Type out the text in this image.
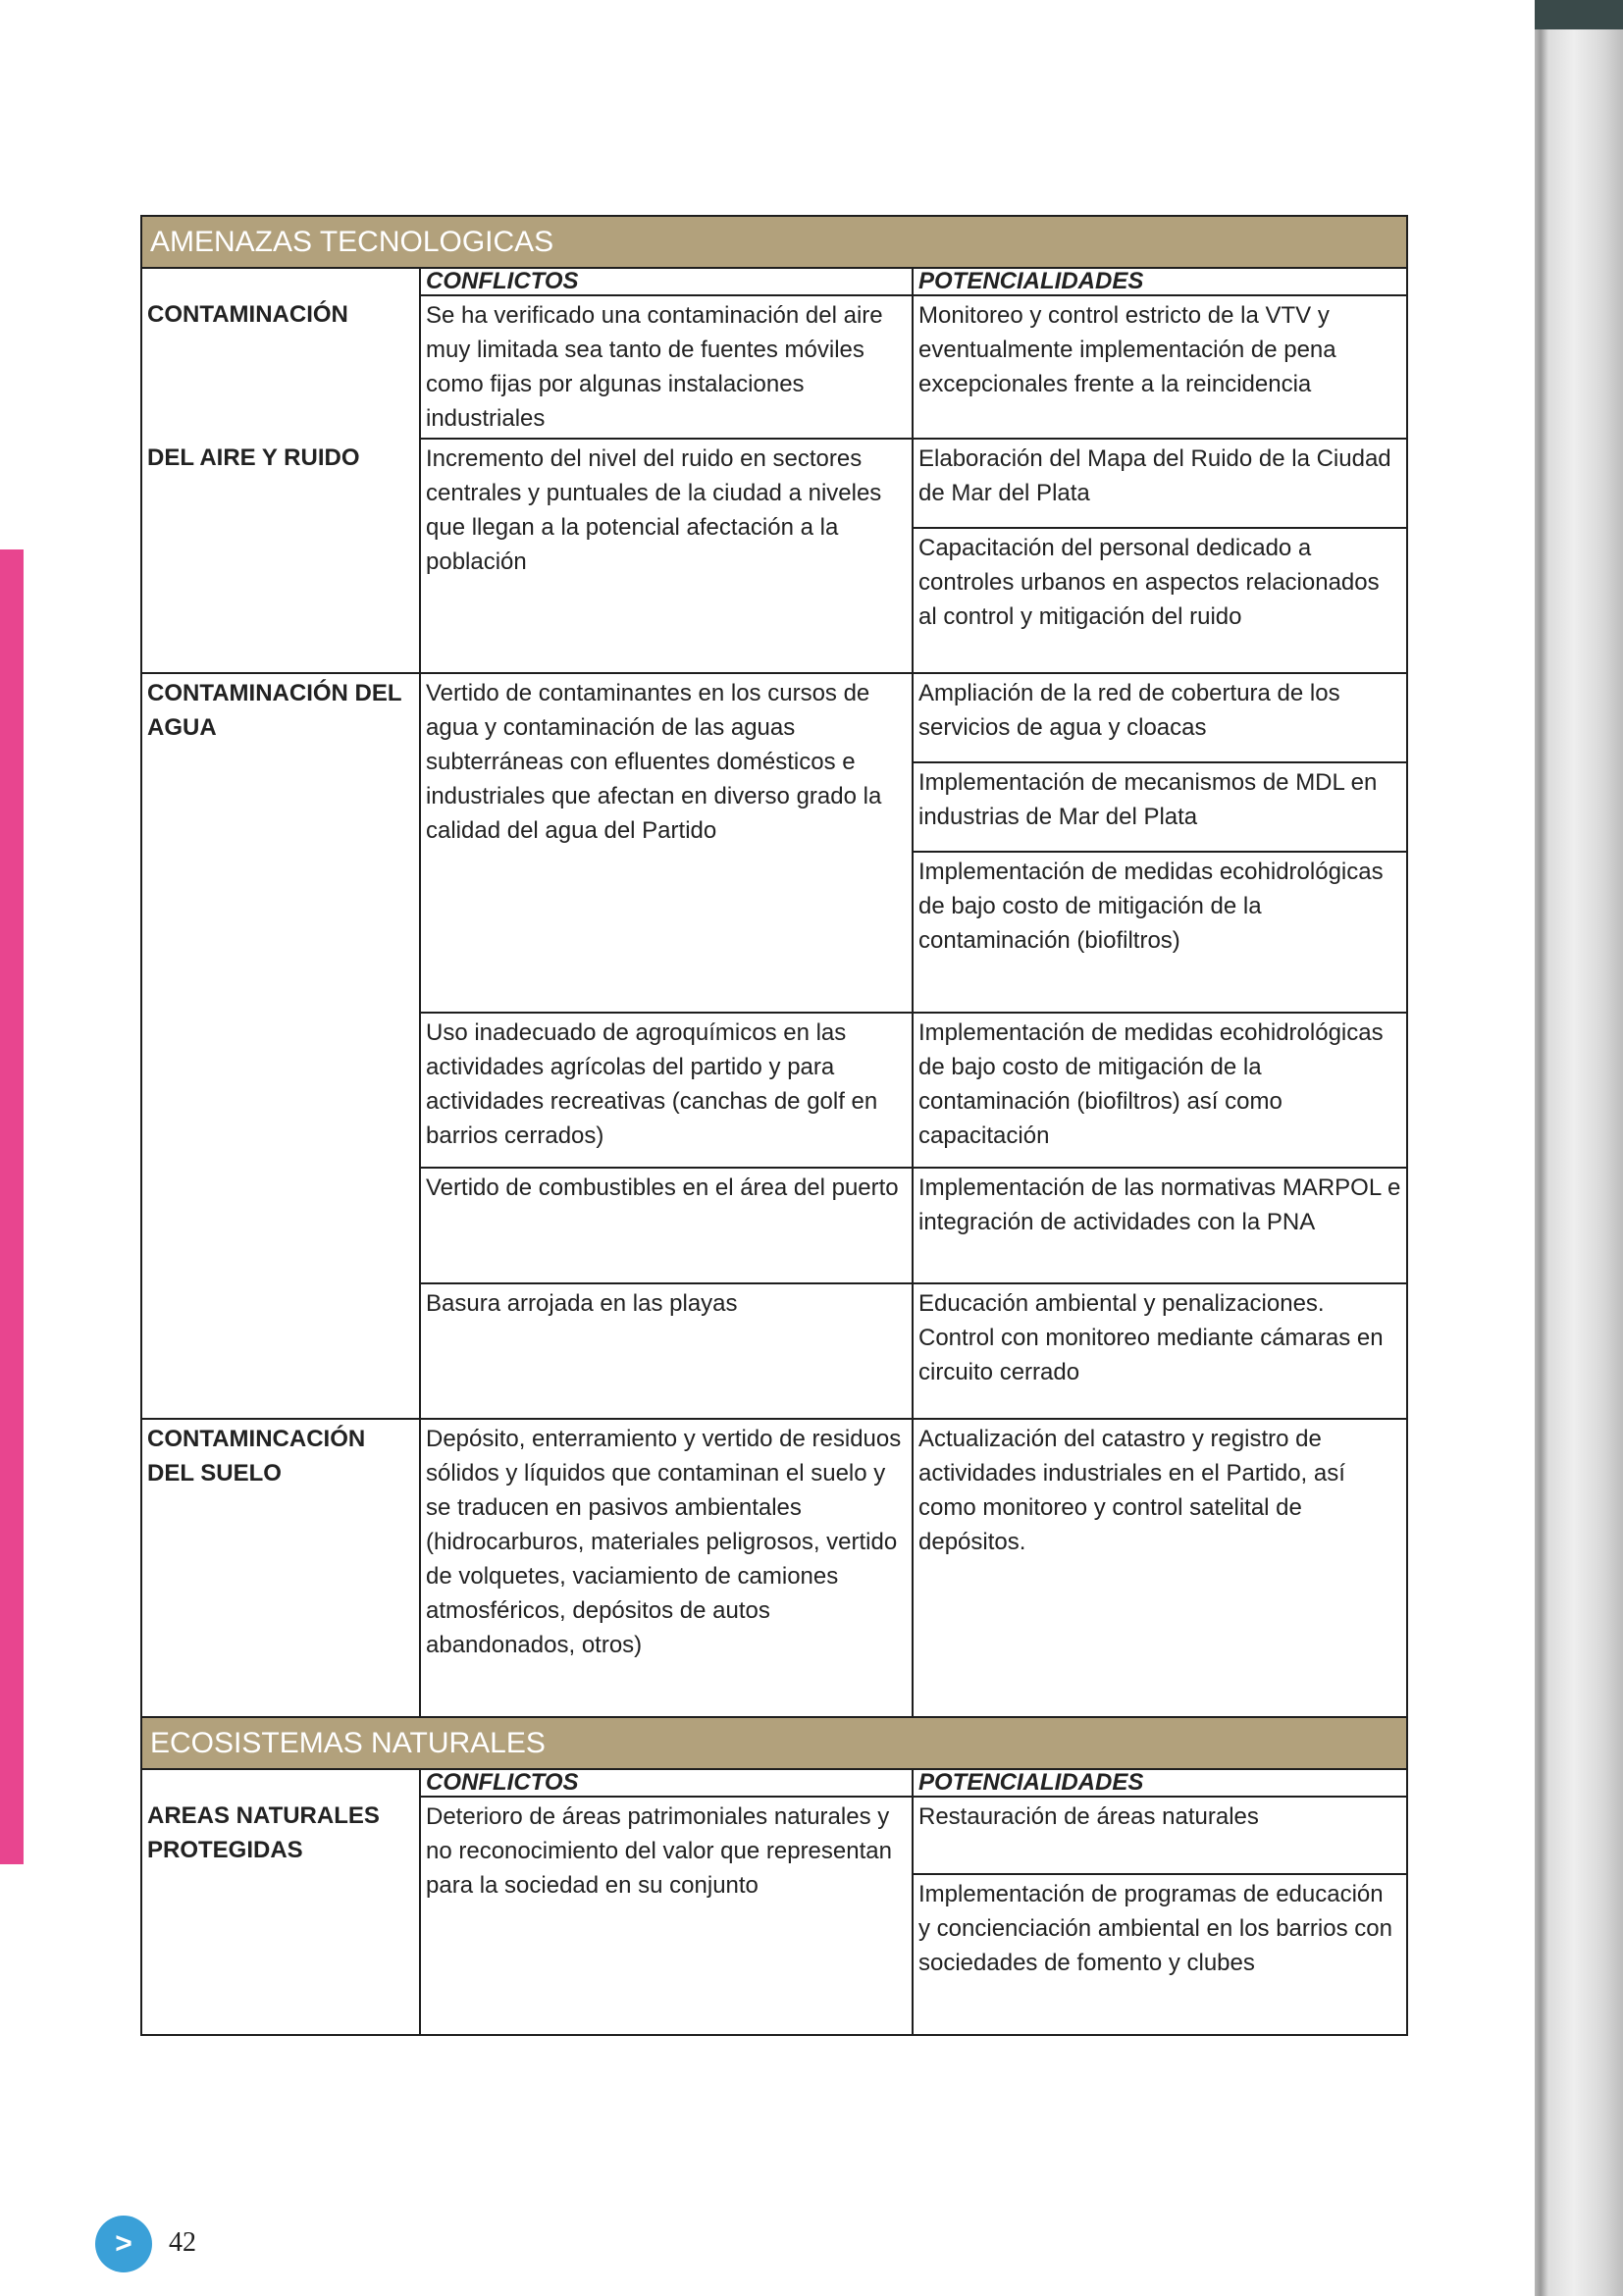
AMENAZAS TECNOLOGICAS		
	CONFLICTOS	POTENCIALIDADES
CONTAMINACIÓN	Se ha verificado una contaminación del aire muy limitada sea tanto de fuentes móviles como fijas por algunas instalaciones industriales	Monitoreo y control estricto de la VTV y eventualmente implementación de pena excepcionales frente a la reincidencia
DEL AIRE Y RUIDO	Incremento del nivel del ruido en sectores centrales y puntuales de la ciudad a niveles que llegan a la potencial afectación a la población	Elaboración del Mapa del Ruido de la Ciudad de Mar del Plata
		Capacitación del personal dedicado a controles urbanos en aspectos relacionados al control y mitigación del ruido
CONTAMINACIÓN DEL AGUA	Vertido de contaminantes en los cursos de agua y contaminación de las aguas subterráneas con efluentes domésticos e industriales que afectan en diverso grado la calidad del agua del Partido	Ampliación de la red de cobertura de los servicios de agua y cloacas
		Implementación de mecanismos de MDL en industrias de Mar del Plata
		Implementación de medidas ecohidrológicas de bajo costo de mitigación de la contaminación (biofiltros)
	Uso inadecuado de agroquímicos en las actividades agrícolas del partido y para actividades recreativas (canchas de golf en barrios cerrados)	Implementación de medidas ecohidrológicas de bajo costo de mitigación de la contaminación (biofiltros) así como capacitación
	Vertido de combustibles en el área del puerto	Implementación de las normativas MARPOL e integración de actividades con la PNA
	Basura arrojada en las playas	Educación ambiental y penalizaciones. Control con monitoreo mediante cámaras en circuito cerrado
CONTAMINCACIÓN DEL SUELO	Depósito, enterramiento y vertido de residuos sólidos y líquidos que contaminan el suelo y se traducen en pasivos ambientales (hidrocarburos, materiales peligrosos, vertido de volquetes, vaciamiento de camiones atmosféricos, depósitos de autos abandonados, otros)	Actualización del catastro y registro de actividades industriales en el Partido, así como monitoreo y control satelital de depósitos.
ECOSISTEMAS NATURALES		
	CONFLICTOS	POTENCIALIDADES
AREAS NATURALES PROTEGIDAS	Deterioro de áreas patrimoniales naturales y no reconocimiento del valor que representan para la sociedad en su conjunto	Restauración de áreas naturales
		Implementación de programas de educación y concienciación ambiental en los barrios con sociedades de fomento y clubes
> 42
